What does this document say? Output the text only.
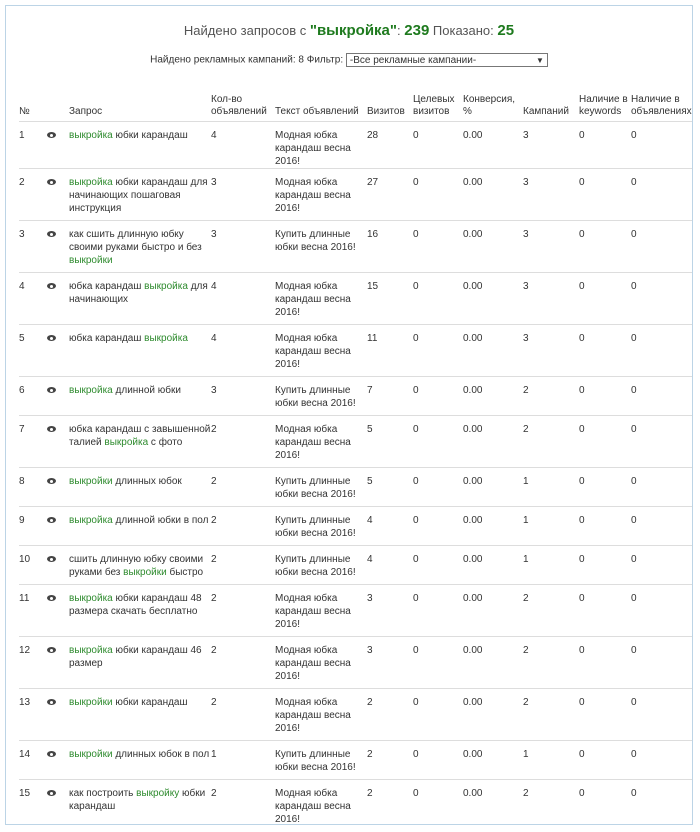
Найдено запросов с "выкройка": 239 Показано: 25
Найдено рекламных кампаний: 8 Фильтр: -Все рекламные кампании-	▼
№		Запрос	Кол-во объявлений	Текст объявлений	Визитов	Целевых визитов	Конверсия, %	Кампаний	Наличие в keywords	Наличие в объявлениях
1		выкройка юбки карандаш	4	Модная юбка карандаш весна 2016!	28	0	0.00	3	0	0
2		выкройка юбки карандаш для начинающих пошаговая инструкция	3	Модная юбка карандаш весна 2016!	27	0	0.00	3	0	0
3		как сшить длинную юбку своими руками быстро и без выкройки	3	Купить длинные юбки весна 2016!	16	0	0.00	3	0	0
4		юбка карандаш выкройка для начинающих	4	Модная юбка карандаш весна 2016!	15	0	0.00	3	0	0
5		юбка карандаш выкройка	4	Модная юбка карандаш весна 2016!	11	0	0.00	3	0	0
6		выкройка длинной юбки	3	Купить длинные юбки весна 2016!	7	0	0.00	2	0	0
7		юбка карандаш с завышенной талией выкройка с фото	2	Модная юбка карандаш весна 2016!	5	0	0.00	2	0	0
8		выкройки длинных юбок	2	Купить длинные юбки весна 2016!	5	0	0.00	1	0	0
9		выкройка длинной юбки в пол	2	Купить длинные юбки весна 2016!	4	0	0.00	1	0	0
10		сшить длинную юбку своими руками без выкройки быстро	2	Купить длинные юбки весна 2016!	4	0	0.00	1	0	0
11		выкройка юбки карандаш 48 размера скачать бесплатно	2	Модная юбка карандаш весна 2016!	3	0	0.00	2	0	0
12		выкройка юбки карандаш 46 размер	2	Модная юбка карандаш весна 2016!	3	0	0.00	2	0	0
13		выкройки юбки карандаш	2	Модная юбка карандаш весна 2016!	2	0	0.00	2	0	0
14		выкройки длинных юбок в пол	1	Купить длинные юбки весна 2016!	2	0	0.00	1	0	0
15		как построить выкройку юбки карандаш	2	Модная юбка карандаш весна 2016!	2	0	0.00	2	0	0
